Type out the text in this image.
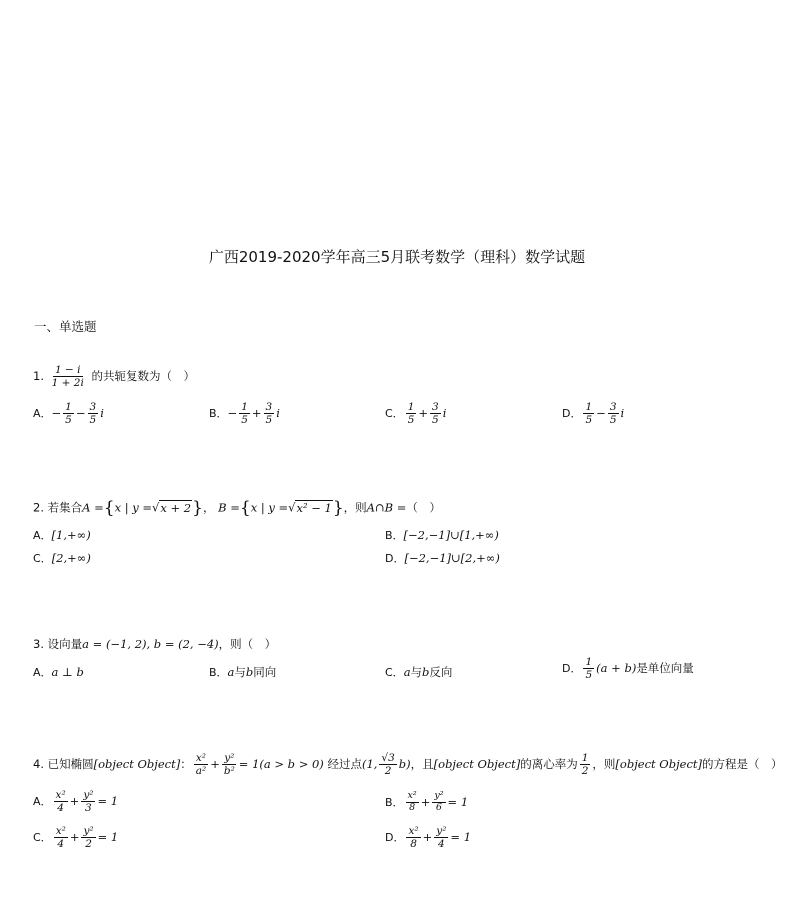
广西2019-2020学年高三5月联考数学（理科）数学试题
一、单选题
1. $\frac{1 - i}{1 + 2i}$ 的共轭复数为（　）
A．− $\frac{1}{5} - \frac{3}{5}$ i	B．− $\frac{1}{5} + \frac{3}{5}$ i	C． $\frac{1}{5} + \frac{3}{5}$ i	D． $\frac{1}{5} - \frac{3}{5}$ i
2. 若集合A ={x | y =√x + 2}， B ={x | y =√x² − 1}，则A∩B =（　）
A．[1,+∞)	B．[−2,−1]∪[1,+∞)
C．[2,+∞)	D．[−2,−1]∪[2,+∞)
3. 设向量a = (−1, 2), b = (2, −4)，则（　）
A．a ⊥ b	B．a与b同向	C．a与b反向	D． $\frac{1}{5} (a + b)$是单位向量
4. 已知椭圆[object Object]： $\frac{\text{x²}}{\text{a²}} + \frac{\text{y²}}{\text{b²}} = 1(a > b > 0)$ 经过点(1, $\frac{√3}{2} b$)，且[object Object]的离心率为 $\frac{1}{2}$ ，则[object Object]的方程是（　）
A． $\frac{\text{x²}}{4} + \frac{\text{y²}}{3} = 1$	B． $\frac{\text{x²}}{8} + \frac{\text{y²}}{6} = 1$
C． $\frac{\text{x²}}{4} + \frac{\text{y²}}{2} = 1$	D． $\frac{\text{x²}}{8} + \frac{\text{y²}}{4} = 1$
